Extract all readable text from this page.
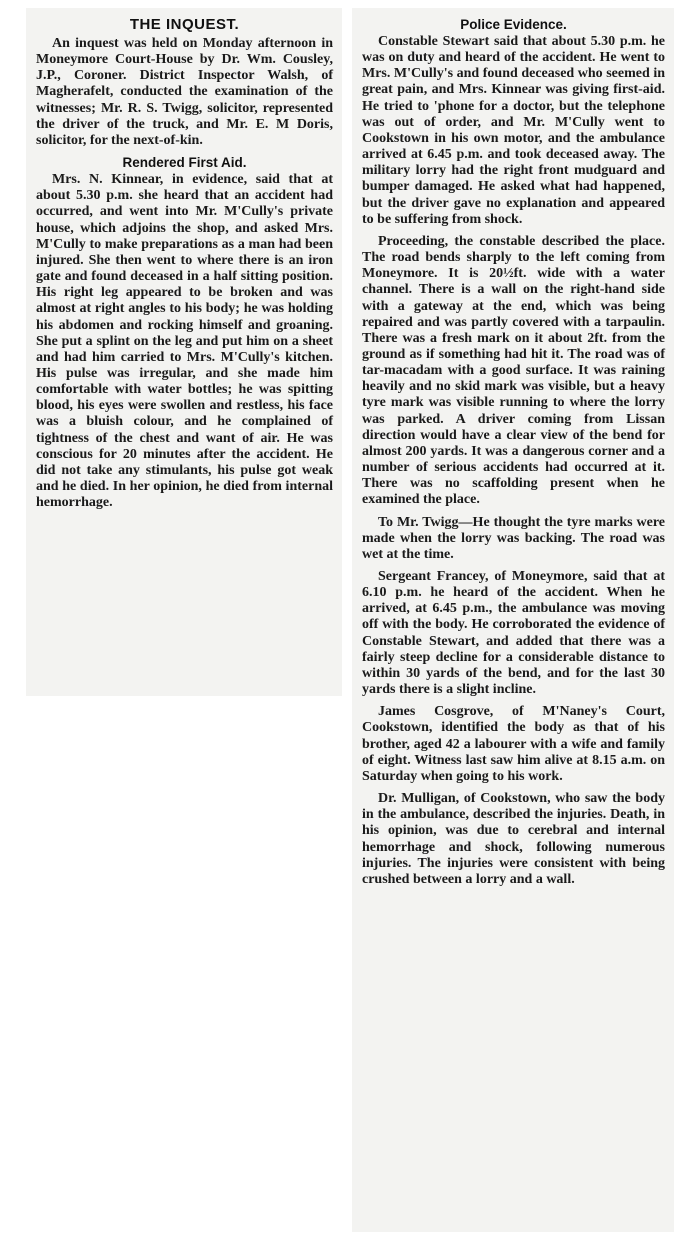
THE INQUEST.

An inquest was held on Monday afternoon in Moneymore Court-House by Dr. Wm. Cousley, J.P., Coroner. District Inspector Walsh, of Magherafelt, conducted the examination of the witnesses; Mr. R. S. Twigg, solicitor, represented the driver of the truck, and Mr. E. M Doris, solicitor, for the next-of-kin.

Rendered First Aid.

Mrs. N. Kinnear, in evidence, said that at about 5.30 p.m. she heard that an accident had occurred, and went into Mr. M'Cully's private house, which adjoins the shop, and asked Mrs. M'Cully to make preparations as a man had been injured. She then went to where there is an iron gate and found deceased in a half sitting position. His right leg appeared to be broken and was almost at right angles to his body; he was holding his abdomen and rocking himself and groaning. She put a splint on the leg and put him on a sheet and had him carried to Mrs. M'Cully's kitchen. His pulse was irregular, and she made him comfortable with water bottles; he was spitting blood, his eyes were swollen and restless, his face was a bluish colour, and he complained of tightness of the chest and want of air. He was conscious for 20 minutes after the accident. He did not take any stimulants, his pulse got weak and he died. In her opinion, he died from internal hemorrhage.

Police Evidence.

Constable Stewart said that about 5.30 p.m. he was on duty and heard of the accident. He went to Mrs. M'Cully's and found deceased who seemed in great pain, and Mrs. Kinnear was giving first-aid. He tried to 'phone for a doctor, but the telephone was out of order, and Mr. M'Cully went to Cookstown in his own motor, and the ambulance arrived at 6.45 p.m. and took deceased away. The military lorry had the right front mudguard and bumper damaged. He asked what had happened, but the driver gave no explanation and appeared to be suffering from shock.

Proceeding, the constable described the place. The road bends sharply to the left coming from Moneymore. It is 20½ft. wide with a water channel. There is a wall on the right-hand side with a gateway at the end, which was being repaired and was partly covered with a tarpaulin. There was a fresh mark on it about 2ft. from the ground as if something had hit it. The road was of tar-macadam with a good surface. It was raining heavily and no skid mark was visible, but a heavy tyre mark was visible running to where the lorry was parked. A driver coming from Lissan direction would have a clear view of the bend for almost 200 yards. It was a dangerous corner and a number of serious accidents had occurred at it. There was no scaffolding present when he examined the place.

To Mr. Twigg—He thought the tyre marks were made when the lorry was backing. The road was wet at the time.

Sergeant Francey, of Moneymore, said that at 6.10 p.m. he heard of the accident. When he arrived, at 6.45 p.m., the ambulance was moving off with the body. He corroborated the evidence of Constable Stewart, and added that there was a fairly steep decline for a considerable distance to within 30 yards of the bend, and for the last 30 yards there is a slight incline.

James Cosgrove, of M'Naney's Court, Cookstown, identified the body as that of his brother, aged 42 a labourer with a wife and family of eight. Witness last saw him alive at 8.15 a.m. on Saturday when going to his work.

Dr. Mulligan, of Cookstown, who saw the body in the ambulance, described the injuries. Death, in his opinion, was due to cerebral and internal hemorrhage and shock, following numerous injuries. The injuries were consistent with being crushed between a lorry and a wall.
